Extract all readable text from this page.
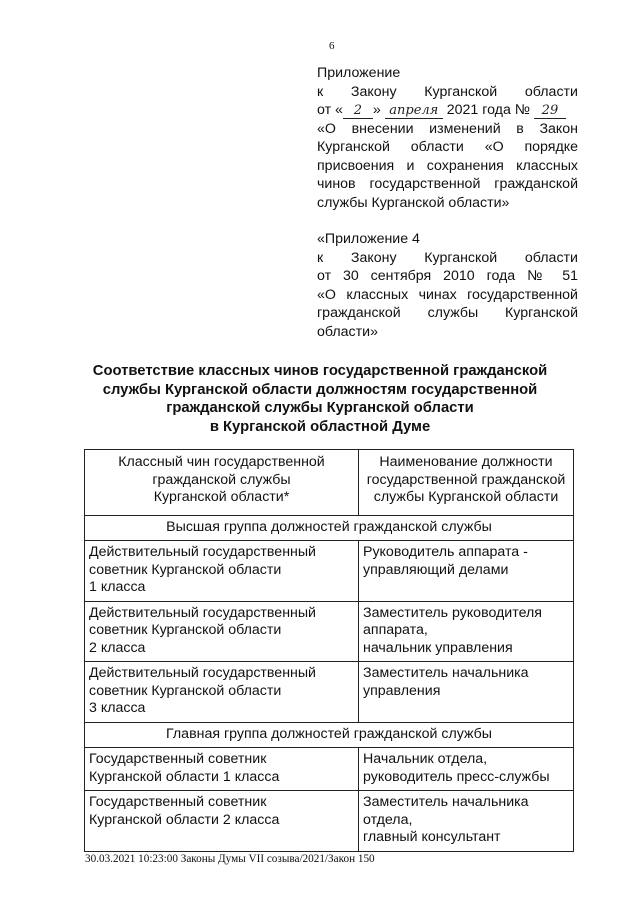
6
Приложение
к Закону Курганской области
от « 2 » апреля 2021 года № 29
«О внесении изменений в Закон
Курганской области «О порядке
присвоения и сохранения классных
чинов государственной гражданской
службы Курганской области»
«Приложение 4
к Закону Курганской области
от 30 сентября 2010 года № 51
«О классных чинах государственной
гражданской службы Курганской
области»
Соответствие классных чинов государственной гражданской
службы Курганской области должностям государственной
гражданской службы Курганской области
в Курганской областной Думе
Классный чин государственной
гражданской службы
Курганской области*	Наименование должности
государственной гражданской
службы Курганской области

Высшая группа должностей гражданской службы	

Действительный государственный
советник Курганской области
1 класса	Руководитель аппарата -
управляющий делами

Действительный государственный
советник Курганской области
2 класса	Заместитель руководителя
аппарата,
начальник управления

Действительный государственный
советник Курганской области
3 класса	Заместитель начальника
управления

Главная группа должностей гражданской службы	

Государственный советник
Курганской области 1 класса	Начальник отдела,
руководитель пресс-службы

Государственный советник
Курганской области 2 класса	Заместитель начальника
отдела,
главный консультант
30.03.2021 10:23:00 Законы Думы VII созыва/2021/Закон 150
